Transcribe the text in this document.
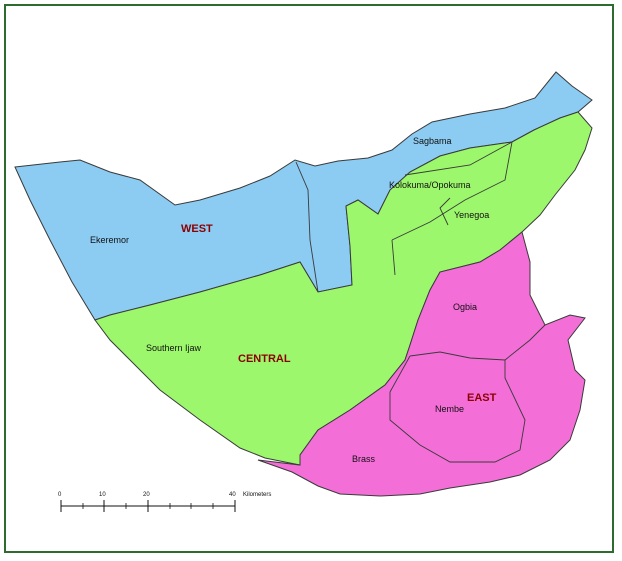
Sagbama
Kolokuma/Opokuma
Yenegoa
Ekeremor
Southern Ijaw
Ogbia
Nembe
Brass
WEST
CENTRAL
EAST
0	10	20	40 Kilometers
